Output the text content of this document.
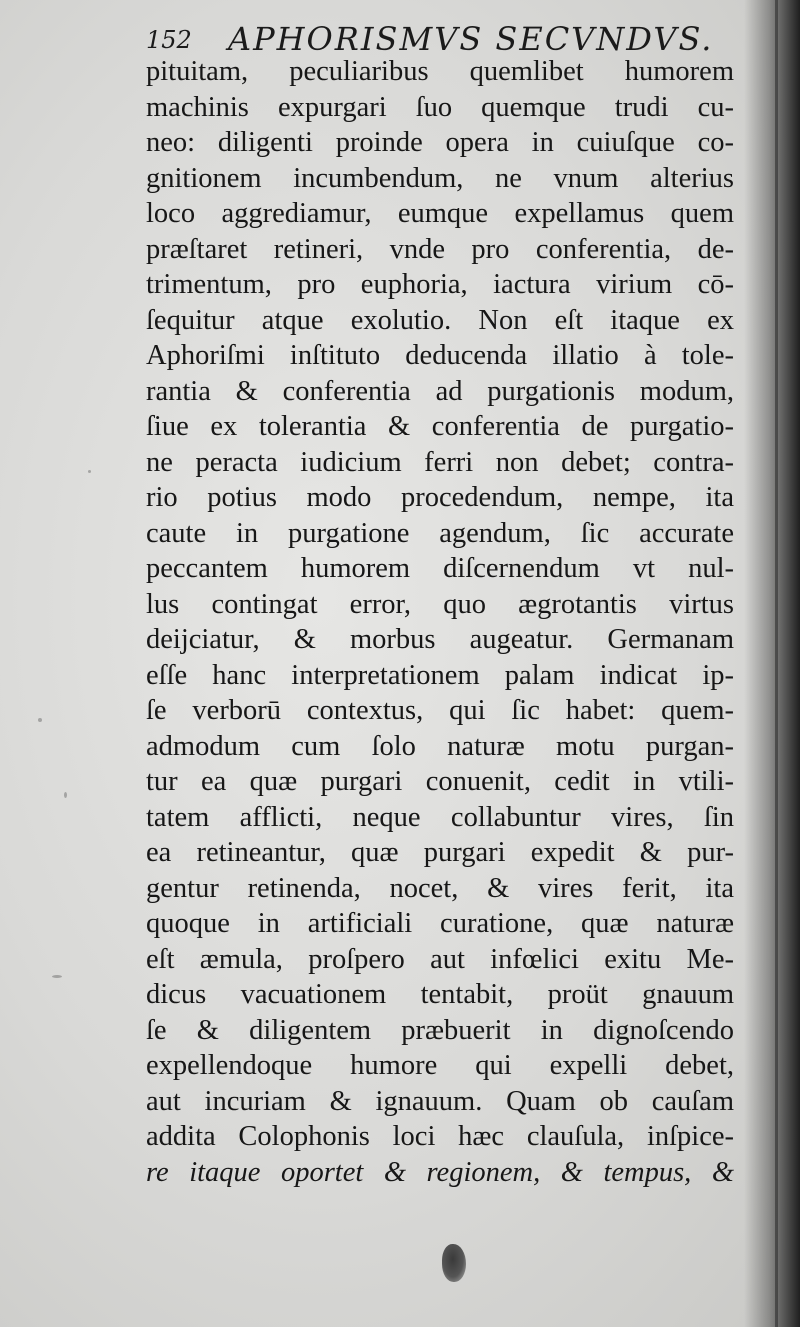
152 APHORISMVS SECVNDVS.
pituitam, peculiaribus quemlibet humorem
machinis expurgari ſuo quemque trudi cu-
neo: diligenti proinde opera in cuiuſque co-
gnitionem incumbendum, ne vnum alterius
loco aggrediamur, eumque expellamus quem
præſtaret retineri, vnde pro conferentia, de-
trimentum, pro euphoria, iactura virium cō-
ſequitur atque exolutio. Non eſt itaque ex
Aphoriſmi inſtituto deducenda illatio à tole-
rantia & conferentia ad purgationis modum,
ſiue ex tolerantia & conferentia de purgatio-
ne peracta iudicium ferri non debet; contra-
rio potius modo procedendum, nempe, ita
caute in purgatione agendum, ſic accurate
peccantem humorem diſcernendum vt nul-
lus contingat error, quo ægrotantis virtus
deijciatur, & morbus augeatur. Germanam
eſſe hanc interpretationem palam indicat ip-
ſe verborū contextus, qui ſic habet: quem-
admodum cum ſolo naturæ motu purgan-
tur ea quæ purgari conuenit, cedit in vtili-
tatem afflicti, neque collabuntur vires, ſin
ea retineantur, quæ purgari expedit & pur-
gentur retinenda, nocet, & vires ferit, ita
quoque in artificiali curatione, quæ naturæ
eſt æmula, proſpero aut infœlici exitu Me-
dicus vacuationem tentabit, proüt gnauum
ſe & diligentem præbuerit in dignoſcendo
expellendoque humore qui expelli debet,
aut incuriam & ignauum. Quam ob cauſam
addita Colophonis loci hæc clauſula, inſpice-
re itaque oportet & regionem, & tempus, &
